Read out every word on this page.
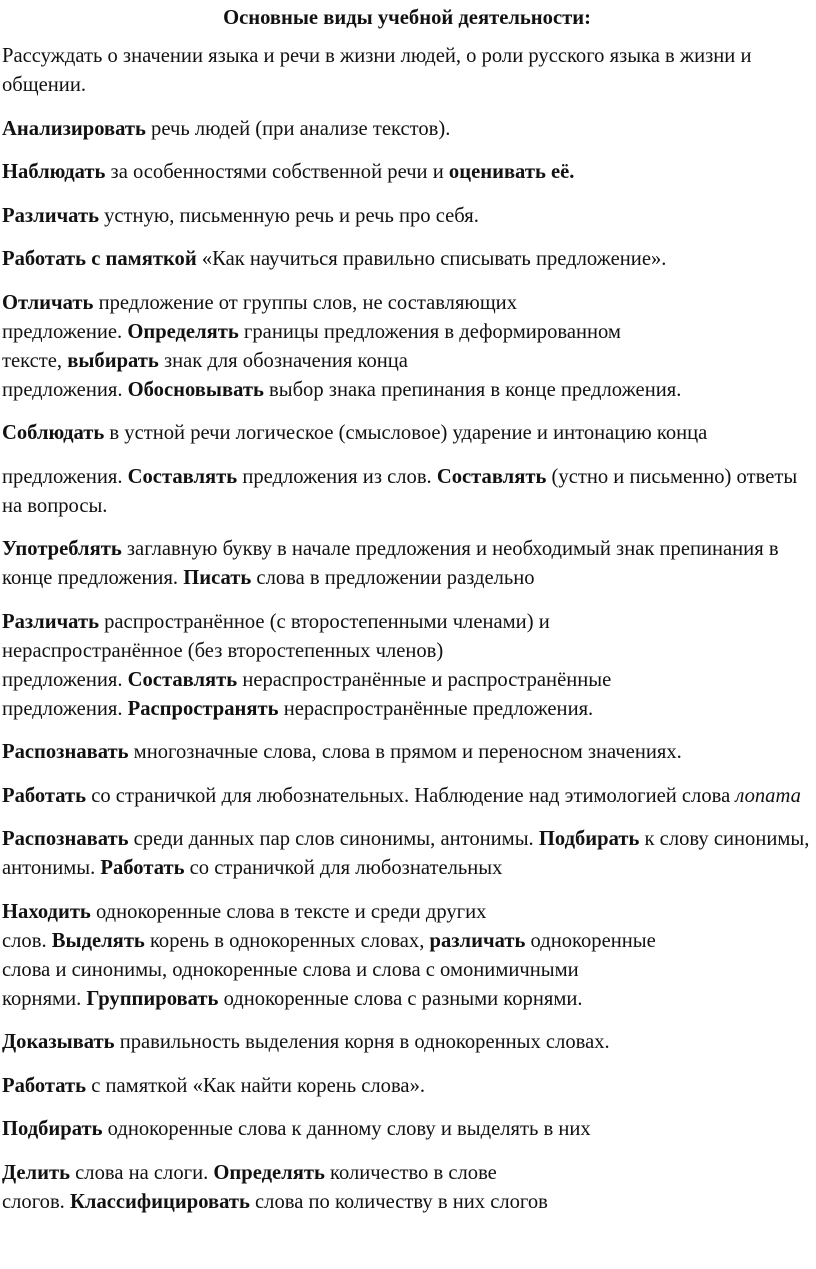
Основные виды учебной деятельности:

Рассуждать о значении языка и речи в жизни людей, о роли русского языка в жизни и общении.

Анализировать речь людей (при анализе текстов).

Наблюдать за особенностями собственной речи и оценивать её.

Различать устную, письменную речь и речь про себя.

Работать с памяткой «Как научиться правильно списывать предложение».

Отличать предложение от группы слов, не составляющих
предложение. Определять границы предложения в деформированном
тексте, выбирать знак для обозначения конца
предложения. Обосновывать выбор знака препинания в конце предложения.

Соблюдать в устной речи логическое (смысловое) ударение и интонацию конца

предложения. Составлять предложения из слов. Составлять (устно и письменно) ответы на вопросы.

Употреблять заглавную букву в начале предложения и необходимый знак препинания в конце предложения. Писать слова в предложении раздельно

Различать распространённое (с второстепенными членами) и
нераспространённое (без второстепенных членов)
предложения. Составлять нераспространённые и распространённые
предложения. Распространять нераспространённые предложения.

Распознавать многозначные слова, слова в прямом и переносном значениях.

Работать со страничкой для любознательных. Наблюдение над этимологией слова лопата

Распознавать среди данных пар слов синонимы, антонимы. Подбирать к слову синонимы, антонимы. Работать со страничкой для любознательных

Находить однокоренные слова в тексте и среди других
слов. Выделять корень в однокоренных словах, различать однокоренные
слова и синонимы, однокоренные слова и слова с омонимичными
корнями. Группировать однокоренные слова с разными корнями.

Доказывать правильность выделения корня в однокоренных словах.

Работать с памяткой «Как найти корень слова».

Подбирать однокоренные слова к данному слову и выделять в них

Делить слова на слоги. Определять количество в слове
слогов. Классифицировать слова по количеству в них слогов
